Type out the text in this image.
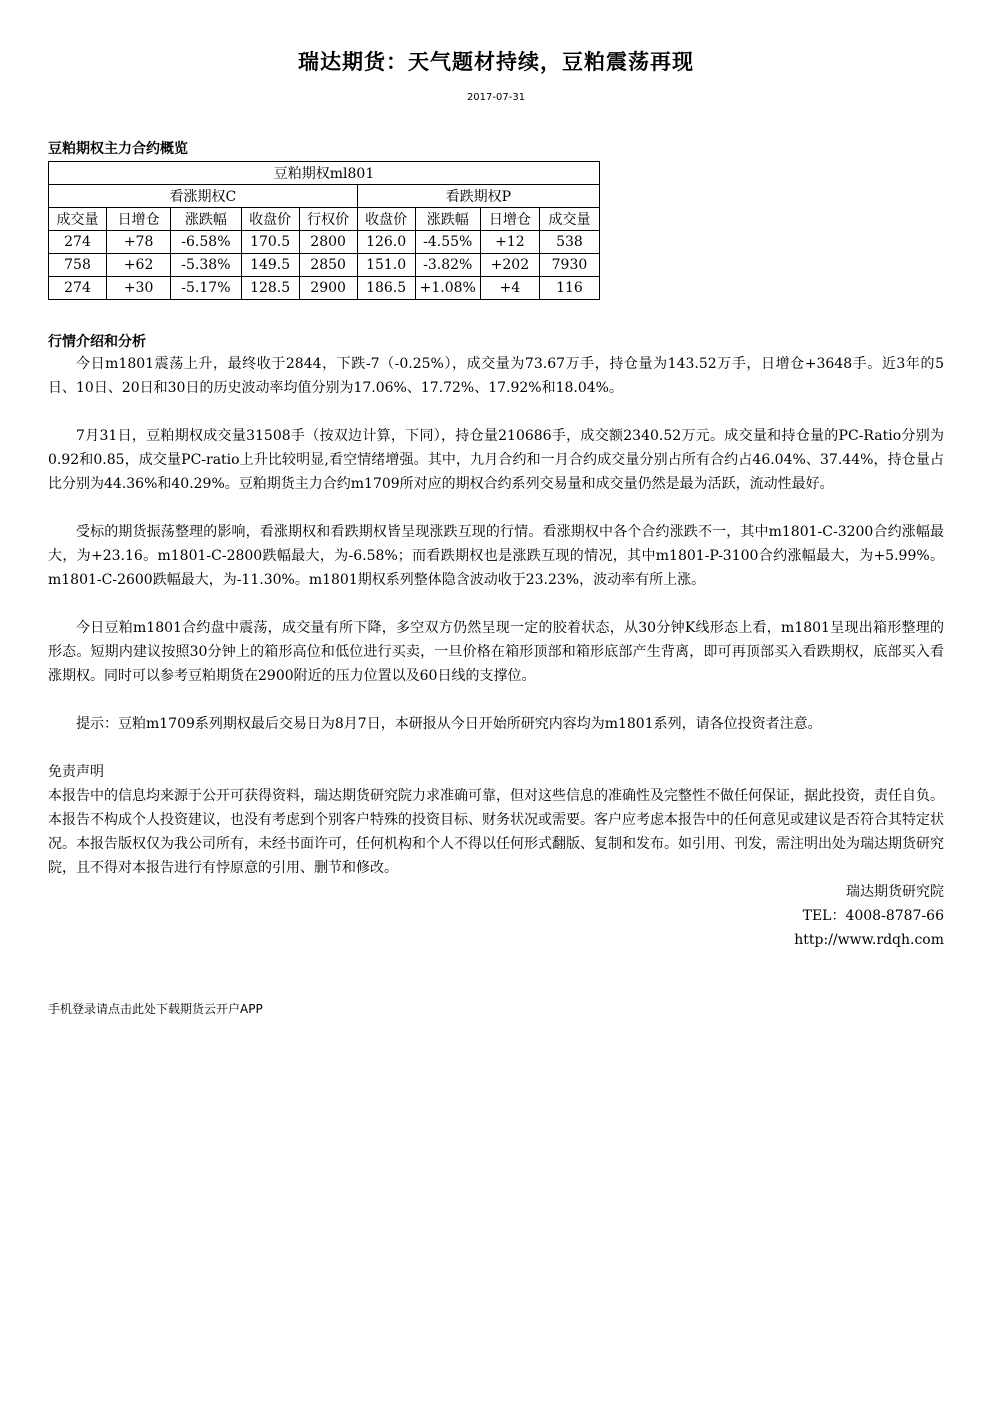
瑞达期货：天气题材持续，豆粕震荡再现
2017-07-31
豆粕期权主力合约概览
豆粕期权ml801								
看涨期权C					看跌期权P			
成交量	日增仓	涨跌幅	收盘价	行权价	收盘价	涨跌幅	日增仓	成交量
274	+78	-6.58%	170.5	2800	126.0	-4.55%	+12	538
758	+62	-5.38%	149.5	2850	151.0	-3.82%	+202	7930
274	+30	-5.17%	128.5	2900	186.5	+1.08%	+4	116
行情介绍和分析

今日m1801震荡上升，最终收于2844，下跌-7（-0.25%），成交量为73.67万手，持仓量为143.52万手，日增仓+3648手。近3年的5日、10日、20日和30日的历史波动率均值分别为17.06%、17.72%、17.92%和18.04%。

7月31日，豆粕期权成交量31508手（按双边计算，下同），持仓量210686手，成交额2340.52万元。成交量和持仓量的PC-Ratio分别为0.92和0.85，成交量PC-ratio上升比较明显,看空情绪增强。其中，九月合约和一月合约成交量分别占所有合约占46.04%、37.44%，持仓量占比分别为44.36%和40.29%。豆粕期货主力合约m1709所对应的期权合约系列交易量和成交量仍然是最为活跃，流动性最好。

受标的期货振荡整理的影响，看涨期权和看跌期权皆呈现涨跌互现的行情。看涨期权中各个合约涨跌不一，其中m1801-C-3200合约涨幅最大，为+23.16。m1801-C-2800跌幅最大，为-6.58%；而看跌期权也是涨跌互现的情况，其中m1801-P-3100合约涨幅最大，为+5.99%。m1801-C-2600跌幅最大，为-11.30%。m1801期权系列整体隐含波动收于23.23%，波动率有所上涨。

今日豆粕m1801合约盘中震荡，成交量有所下降，多空双方仍然呈现一定的胶着状态，从30分钟K线形态上看，m1801呈现出箱形整理的形态。短期内建议按照30分钟上的箱形高位和低位进行买卖，一旦价格在箱形顶部和箱形底部产生背离，即可再顶部买入看跌期权，底部买入看涨期权。同时可以参考豆粕期货在2900附近的压力位置以及60日线的支撑位。

提示：豆粕m1709系列期权最后交易日为8月7日，本研报从今日开始所研究内容均为m1801系列，请各位投资者注意。

免责声明

本报告中的信息均来源于公开可获得资料，瑞达期货研究院力求准确可靠，但对这些信息的准确性及完整性不做任何保证，据此投资，责任自负。本报告不构成个人投资建议，也没有考虑到个别客户特殊的投资目标、财务状况或需要。客户应考虑本报告中的任何意见或建议是否符合其特定状况。本报告版权仅为我公司所有，未经书面许可，任何机构和个人不得以任何形式翻版、复制和发布。如引用、刊发，需注明出处为瑞达期货研究院，且不得对本报告进行有悖原意的引用、删节和修改。

瑞达期货研究院

TEL：4008-8787-66

http://www.rdqh.com

手机登录请点击此处下载期货云开户APP
